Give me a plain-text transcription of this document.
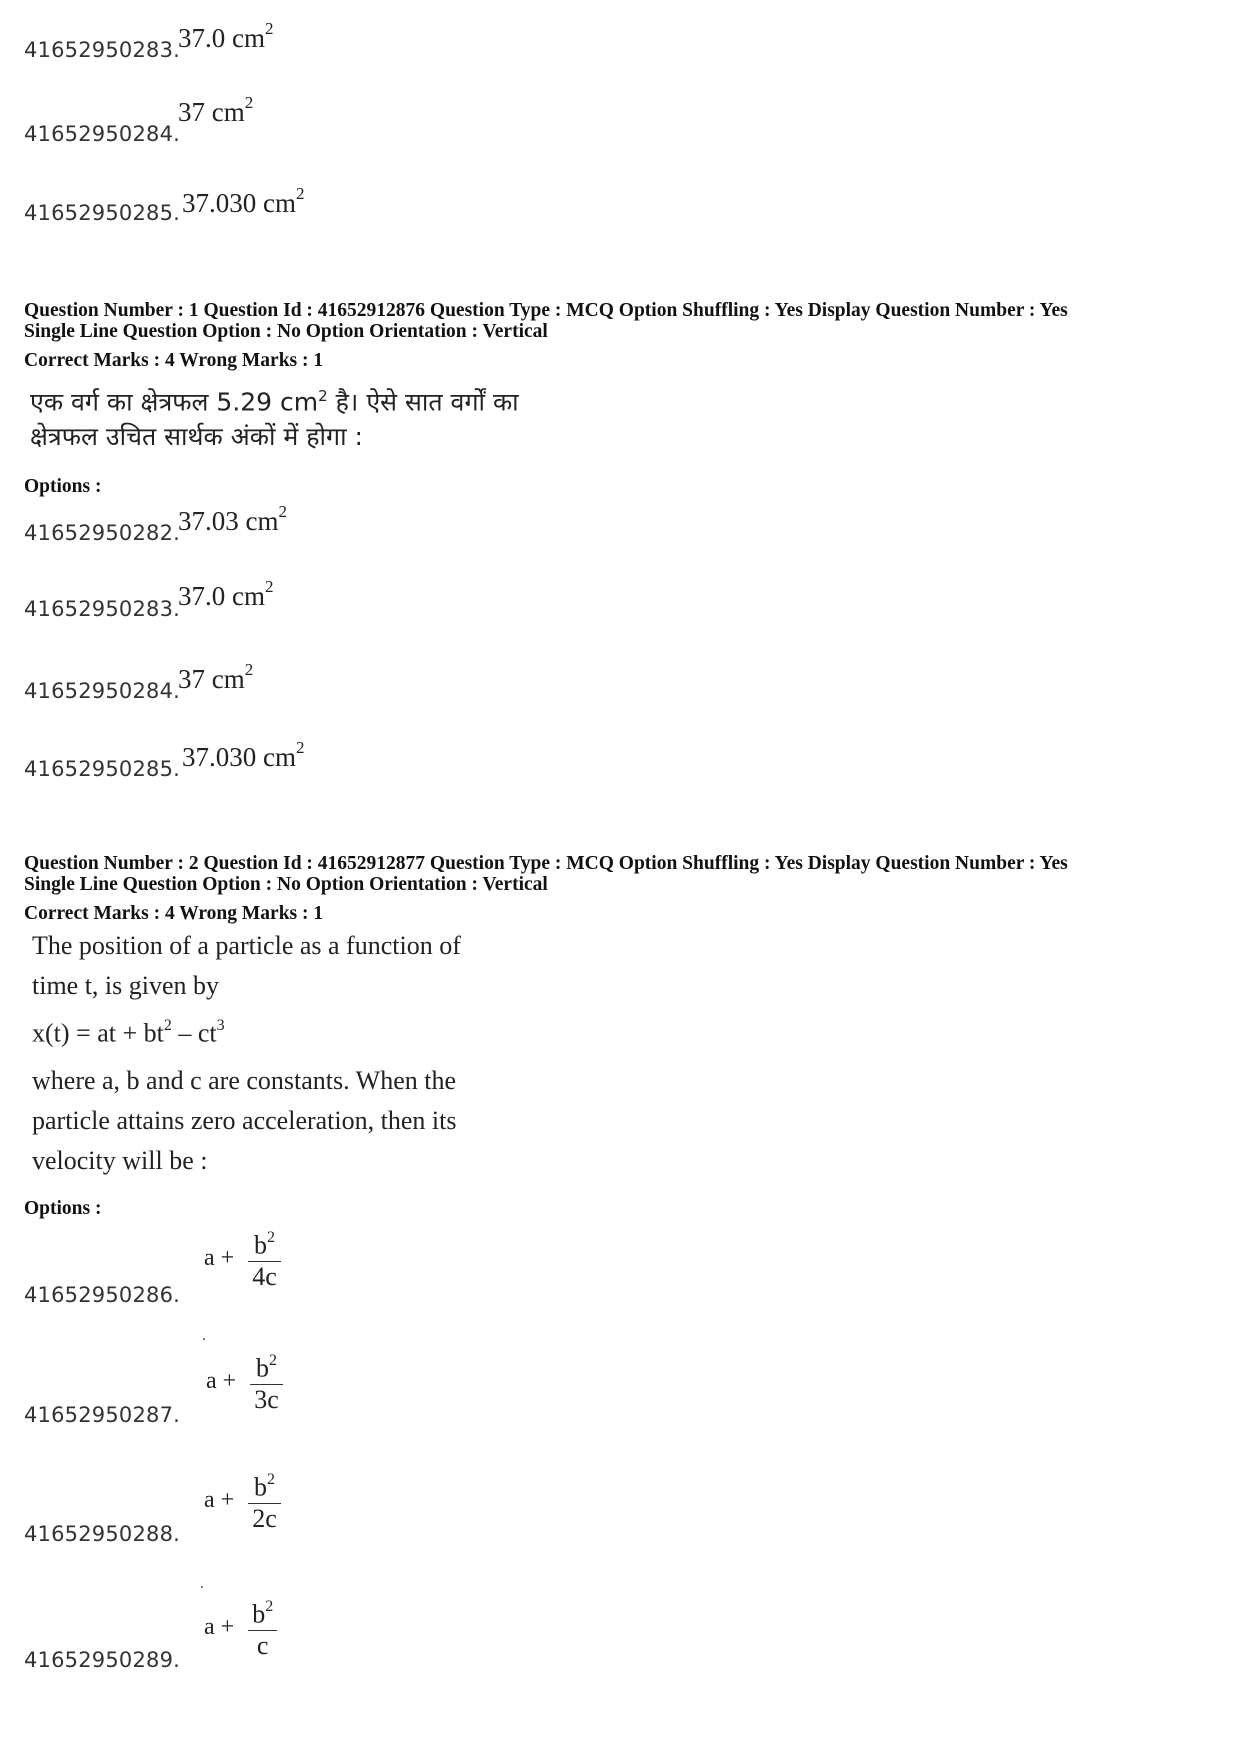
41652950283.
37.0 $cm^2$
41652950284.
37 $cm^2$
41652950285. 37.030 $cm^2$
Question Number : 1 Question Id : 41652912876 Question Type : MCQ Option Shuffling : Yes Display Question Number : Yes
Single Line Question Option : No Option Orientation : Vertical
Correct Marks : 4 Wrong Marks : 1
एक वर्ग का क्षेत्रफल 5.29 $cm^2$ है। ऐसे सात वर्गों का
क्षेत्रफल उचित सार्थक अंकों में होगा :
Options :
41652950282.
37.03 $cm^2$
41652950283.
37.0 $cm^2$
41652950284.
37 $cm^2$
41652950285. 37.030 $cm^2$
Question Number : 2 Question Id : 41652912877 Question Type : MCQ Option Shuffling : Yes Display Question Number : Yes
Single Line Question Option : No Option Orientation : Vertical
Correct Marks : 4 Wrong Marks : 1
The position of a particle as a function of
time t, is given by
x(t) = at + $bt^2 - ct^3$
where a, b and c are constants. When the
particle attains zero acceleration, then its
velocity will be :
Options :
41652950286.
$a + \frac{b^2}{4c}$
41652950287.
$a + \frac{b^2}{3c}$
41652950288.
$a + \frac{b^2}{2c}$
41652950289.
$a + \frac{b^2}{c}$
